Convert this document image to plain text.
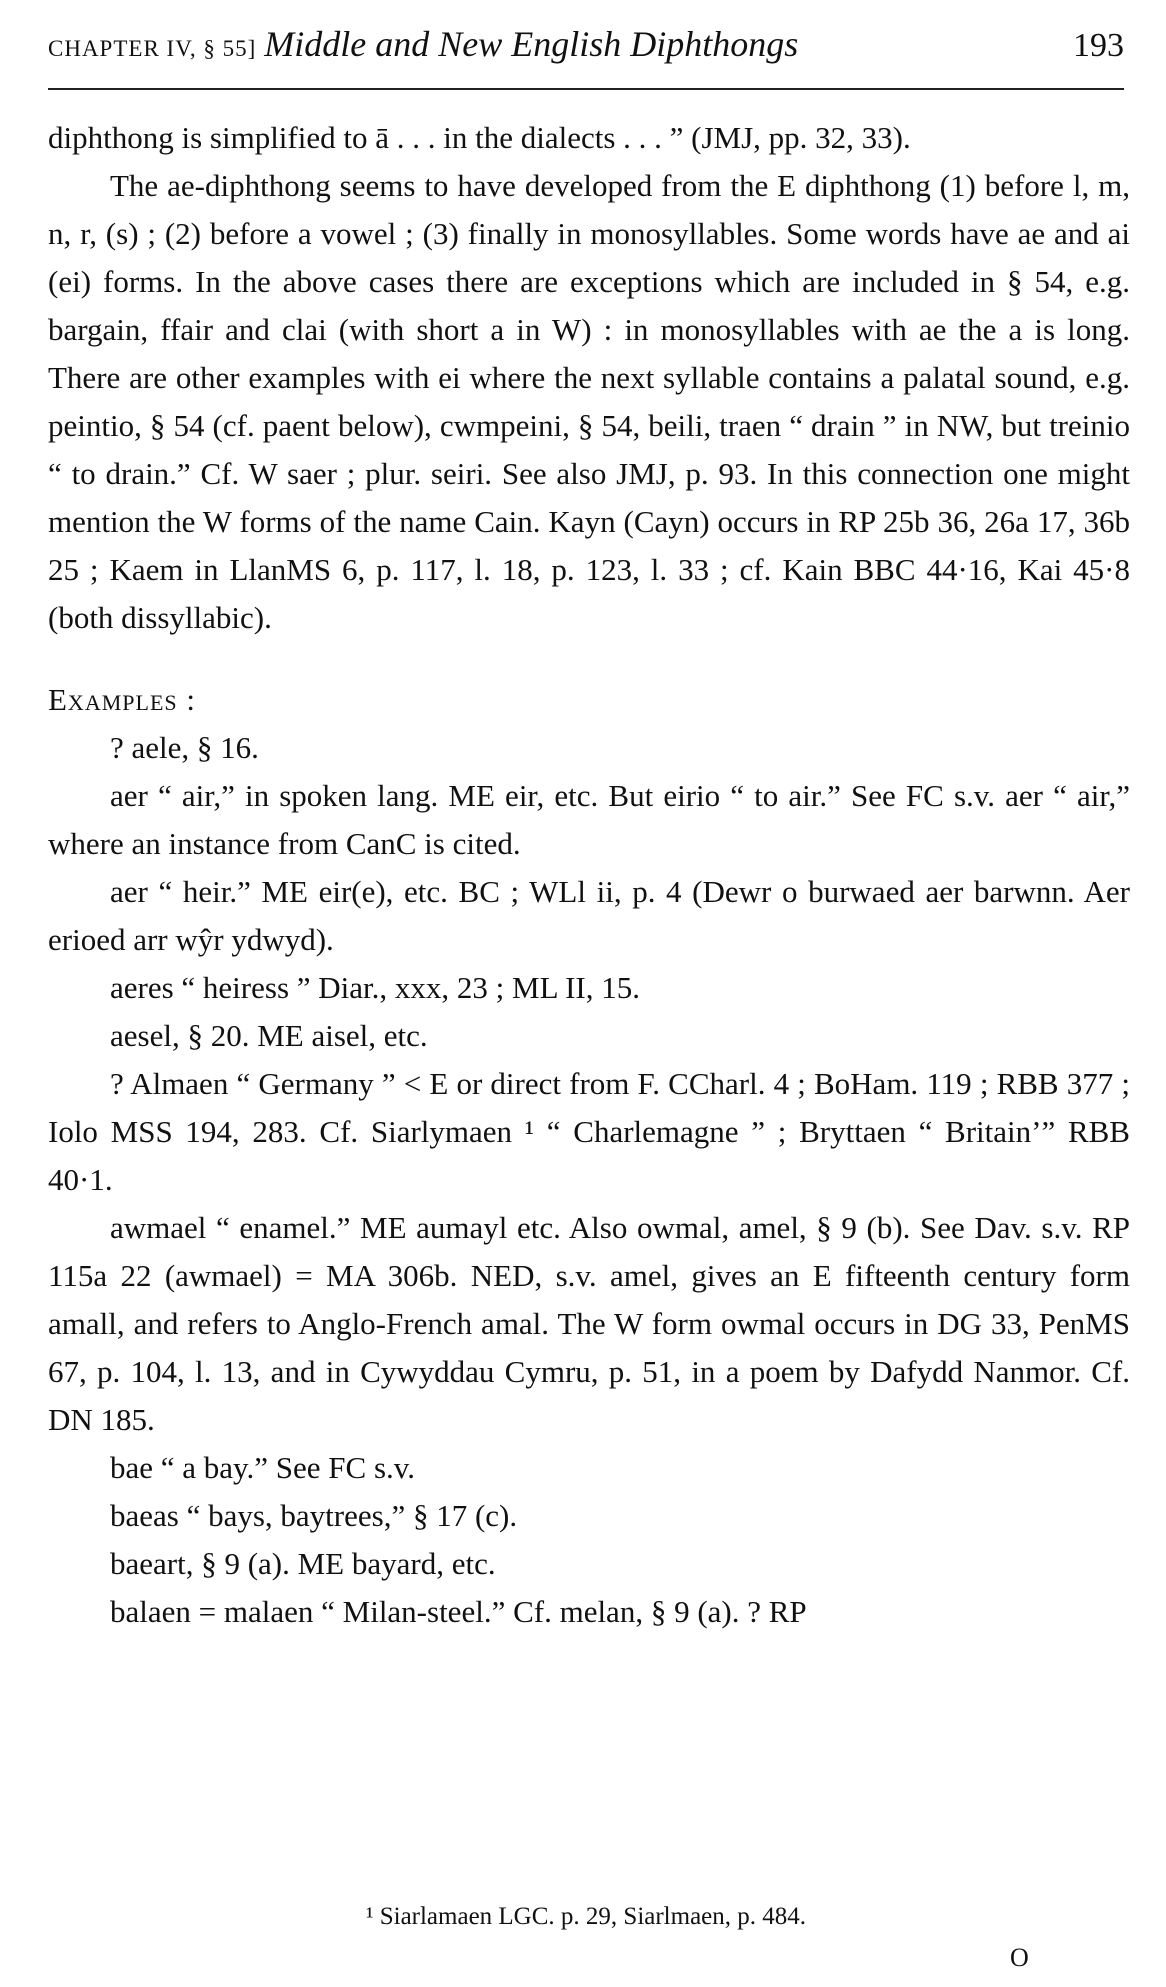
CHAPTER IV, § 55] Middle and New English Diphthongs	193

diphthong is simplified to ā . . . in the dialects . . . ” (JMJ, pp. 32, 33).

The ae-diphthong seems to have developed from the E diphthong (1) before l, m, n, r, (s) ; (2) before a vowel ; (3) finally in monosyllables. Some words have ae and ai (ei) forms. In the above cases there are exceptions which are included in § 54, e.g. bargain, ffair and clai (with short a in W) : in monosyllables with ae the a is long. There are other examples with ei where the next syllable contains a palatal sound, e.g. peintio, § 54 (cf. paent below), cwmpeini, § 54, beili, traen “ drain ” in NW, but treinio “ to drain.” Cf. W saer ; plur. seiri. See also JMJ, p. 93. In this connection one might mention the W forms of the name Cain. Kayn (Cayn) occurs in RP 25b 36, 26a 17, 36b 25 ; Kaem in LlanMS 6, p. 117, l. 18, p. 123, l. 33 ; cf. Kain BBC 44·16, Kai 45·8 (both dissyllabic).

Examples :

? aele, § 16.

aer “ air,” in spoken lang. ME eir, etc. But eirio “ to air.” See FC s.v. aer “ air,” where an instance from CanC is cited.

aer “ heir.” ME eir(e), etc. BC ; WLl ii, p. 4 (Dewr o burwaed aer barwnn. Aer erioed arr wŷr ydwyd).

aeres “ heiress ” Diar., xxx, 23 ; ML II, 15.

aesel, § 20. ME aisel, etc.

? Almaen “ Germany ” < E or direct from F. CCharl. 4 ; BoHam. 119 ; RBB 377 ; Iolo MSS 194, 283. Cf. Siarlymaen ¹ “ Charlemagne ” ; Bryttaen “ Britain’” RBB 40·1.

awmael “ enamel.” ME aumayl etc. Also owmal, amel, § 9 (b). See Dav. s.v. RP 115a 22 (awmael) = MA 306b. NED, s.v. amel, gives an E fifteenth century form amall, and refers to Anglo-French amal. The W form owmal occurs in DG 33, PenMS 67, p. 104, l. 13, and in Cywyddau Cymru, p. 51, in a poem by Dafydd Nanmor. Cf. DN 185.

bae “ a bay.” See FC s.v.

baeas “ bays, baytrees,” § 17 (c).

baeart, § 9 (a). ME bayard, etc.

balaen = malaen “ Milan-steel.” Cf. melan, § 9 (a). ? RP

¹ Siarlamaen LGC. p. 29, Siarlmaen, p. 484.
O
